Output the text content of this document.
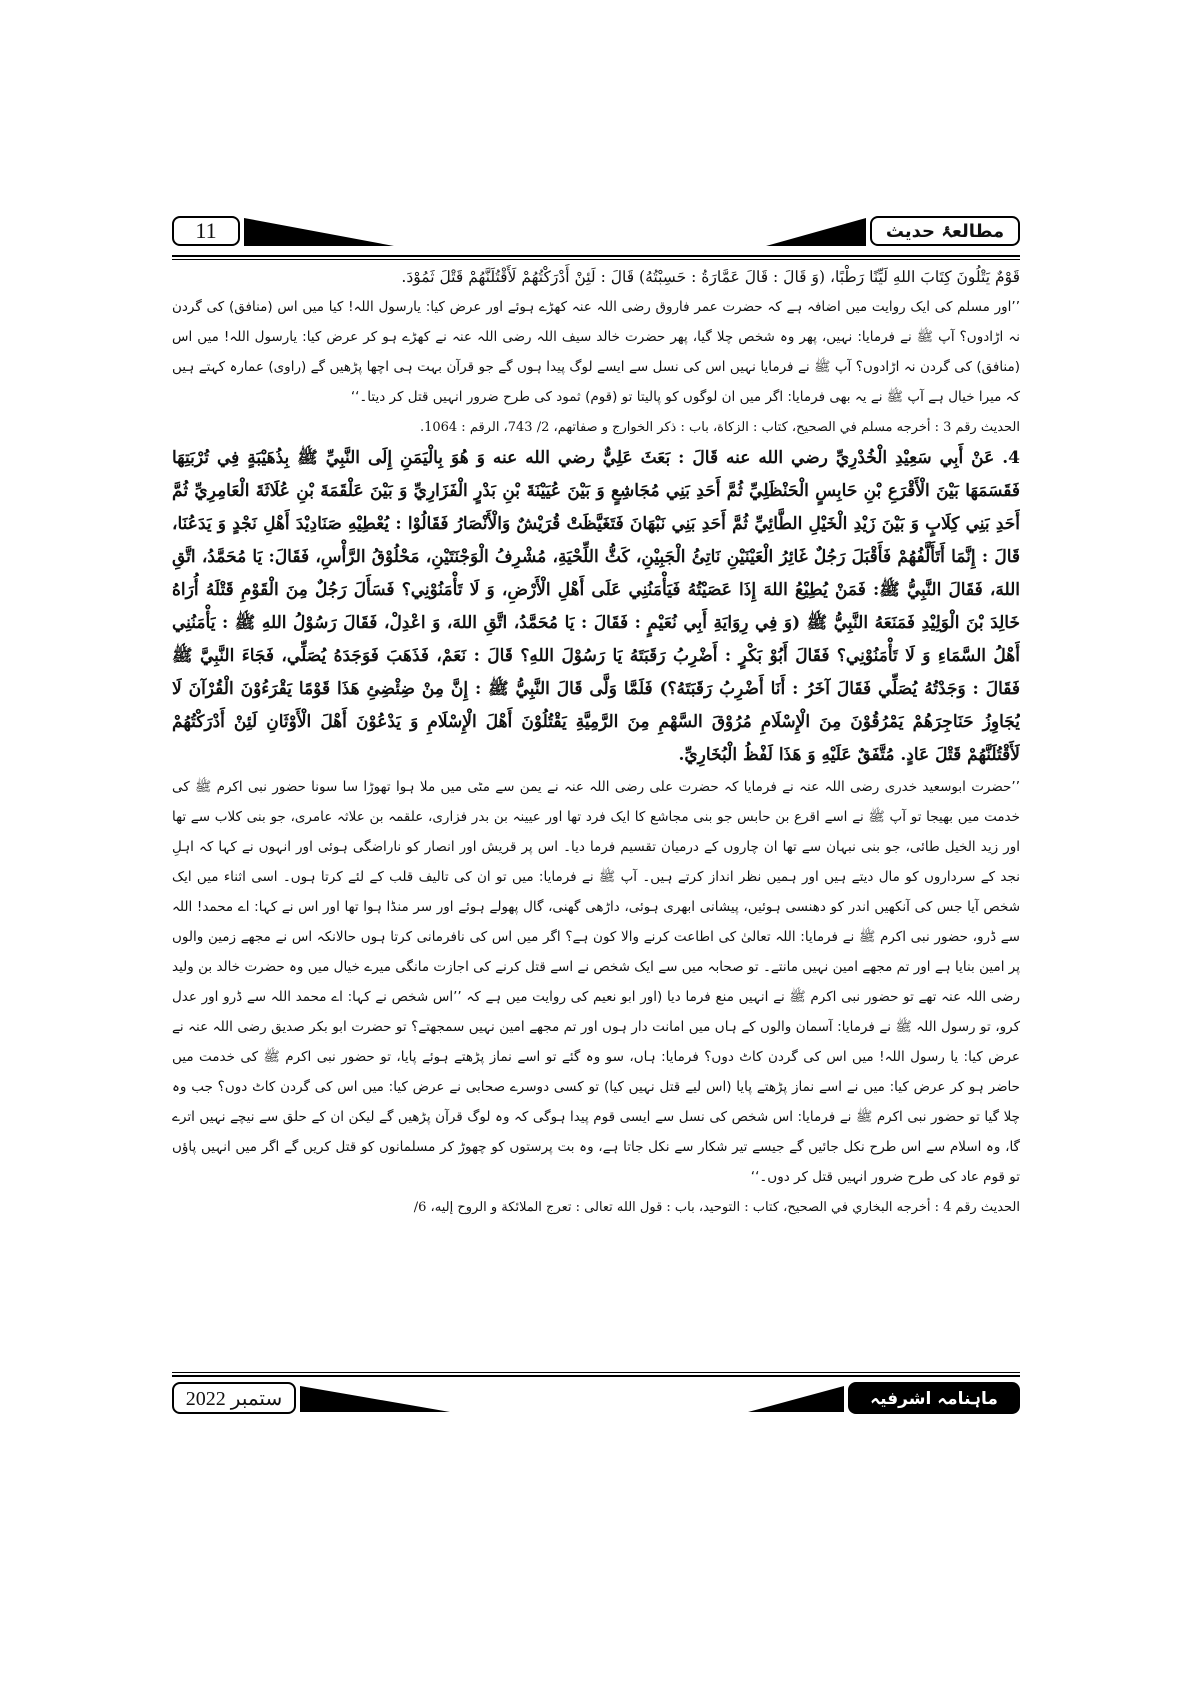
11	مطالعۂ حدیث

قَوْمٌ يَتْلُونَ كِتَابَ اللهِ لَيِّنًا رَطْبًا، (وَ قَالَ : قَالَ عَمَّارَةُ : حَسِبْتُهُ) قَالَ : لَئِنْ أَدْرَكْتُهُمْ لَأَقْتُلَنَّهُمْ قَتْلَ ثَمُوْدَ.

’’اور مسلم کی ایک روایت میں اضافہ ہے کہ حضرت عمر فاروق رضی اللہ عنہ کھڑے ہوئے اور عرض کیا: یارسول اللہ! کیا میں اس (منافق) کی گردن نہ اڑادوں؟ آپ ﷺ نے فرمایا: نہیں، پھر وہ شخص چلا گیا، پھر حضرت خالد سیف اللہ رضی اللہ عنہ نے کھڑے ہو کر عرض کیا: یارسول اللہ! میں اس (منافق) کی گردن نہ اڑادوں؟ آپ ﷺ نے فرمایا نہیں اس کی نسل سے ایسے لوگ پیدا ہوں گے جو قرآن بہت ہی اچھا پڑھیں گے (راوی) عمارہ کہتے ہیں کہ میرا خیال ہے آپ ﷺ نے یہ بھی فرمایا: اگر میں ان لوگوں کو پالیتا تو (قوم) ثمود کی طرح ضرور انہیں قتل کر دیتا۔‘‘

الحديث رقم 3 : أخرجه مسلم في الصحيح، كتاب : الزكاة، باب : ذكر الخوارج و صفاتهم، 2/ 743، الرقم : 1064.

4. عَنْ أَبِي سَعِيْدِ الْخُدْرِيِّ رضي الله عنه قَالَ : بَعَثَ عَلِيٌّ رضي الله عنه وَ هُوَ بِالْيَمَنِ إِلَى النَّبِيِّ ﷺ بِذُهَيْبَةٍ فِي تُرْبَتِهَا فَقَسَمَهَا بَيْنَ الْأَقْرَعِ بْنِ حَابِسٍ الْحَنْظَلِيِّ ثُمَّ أَحَدِ بَنِي مُجَاشِعٍ وَ بَيْنَ عُيَيْنَةَ بْنِ بَدْرٍ الْفَزَارِيِّ وَ بَيْنَ عَلْقَمَةَ بْنِ عُلَاثَةَ الْعَامِرِيِّ ثُمَّ أَحَدِ بَنِي كِلَابٍ وَ بَيْنَ زَيْدِ الْخَيْلِ الطَّائِيِّ ثُمَّ أَحَدِ بَنِي نَبْهَانَ فَتَغَيَّظَتْ قُرَيْشٌ وَالْأَنْصَارُ فَقَالُوْا : يُعْطِيْهِ صَنَادِيْدَ أَهْلِ نَجْدٍ وَ يَدَعُنَا، قَالَ : إِنَّمَا أَتَأَلَّفُهُمْ فَأَقْبَلَ رَجُلٌ غَائِرُ الْعَيْنَيْنِ نَاتِئُ الْجَبِيْنِ، كَثُّ اللِّحْيَةِ، مُشْرِفُ الْوَجْنَتَيْنِ، مَحْلُوْقُ الرَّأْسِ، فَقَالَ: يَا مُحَمَّدُ، اتَّقِ اللهَ، فَقَالَ النَّبِيُّ ﷺ: فَمَنْ يُطِيْعُ اللهَ إِذَا عَصَيْتُهُ فَيَأْمَنُنِي عَلَى أَهْلِ الْأَرْضِ، وَ لَا تَأْمَنُوْنِي؟ فَسَأَلَ رَجُلٌ مِنَ الْقَوْمِ قَتْلَهُ أُرَاهُ خَالِدَ بْنَ الْوَلِيْدِ فَمَنَعَهُ النَّبِيُّ ﷺ (وَ فِي رِوَايَةِ أَبِي نُعَيْمٍ : فَقَالَ : يَا مُحَمَّدُ، اتَّقِ اللهَ، وَ اعْدِلْ، فَقَالَ رَسُوْلُ اللهِ ﷺ : يَأْمَنُنِي أَهْلُ السَّمَاءِ وَ لَا تَأْمَنُوْنِي؟ فَقَالَ أَبُوْ بَكْرٍ : أَضْرِبُ رَقَبَتَهُ يَا رَسُوْلَ اللهِ؟ قَالَ : نَعَمْ، فَذَهَبَ فَوَجَدَهُ يُصَلِّي، فَجَاءَ النَّبِيَّ ﷺ فَقَالَ : وَجَدْتُهُ يُصَلِّي فَقَالَ آخَرُ : أَنَا أَضْرِبُ رَقَبَتَهُ؟) فَلَمَّا وَلَّى قَالَ النَّبِيُّ ﷺ : إِنَّ مِنْ ضِئْضِئِ هَذَا قَوْمًا يَقْرَءُوْنَ الْقُرْآنَ لَا يُجَاوِزُ حَنَاجِرَهُمْ يَمْرُقُوْنَ مِنَ الْإِسْلَامِ مُرُوْقَ السَّهْمِ مِنَ الرَّمِيَّةِ يَقْتُلُوْنَ أَهْلَ الْإِسْلَامِ وَ يَدْعُوْنَ أَهْلَ الْأَوْثَانِ لَئِنْ أَدْرَكْتُهُمْ لَأَقْتُلَنَّهُمْ قَتْلَ عَادٍ. مُتَّفَقٌ عَلَيْهِ وَ هَذَا لَفْظُ الْبُخَارِيِّ.

’’حضرت ابوسعید خدری رضی اللہ عنہ نے فرمایا کہ حضرت علی رضی اللہ عنہ نے یمن سے مٹی میں ملا ہوا تھوڑا سا سونا حضور نبی اکرم ﷺ کی خدمت میں بھیجا تو آپ ﷺ نے اسے اقرع بن حابس جو بنی مجاشع کا ایک فرد تھا اور عیینہ بن بدر فزاری، علقمہ بن علاثہ عامری، جو بنی کلاب سے تھا اور زید الخیل طائی، جو بنی نبہان سے تھا ان چاروں کے درمیان تقسیم فرما دیا۔ اس پر قریش اور انصار کو ناراضگی ہوئی اور انہوں نے کہا کہ اہلِ نجد کے سرداروں کو مال دیتے ہیں اور ہمیں نظر انداز کرتے ہیں۔ آپ ﷺ نے فرمایا: میں تو ان کی تالیف قلب کے لئے کرتا ہوں۔ اسی اثناء میں ایک شخص آیا جس کی آنکھیں اندر کو دھنسی ہوئیں، پیشانی ابھری ہوئی، داڑھی گھنی، گال پھولے ہوئے اور سر منڈا ہوا تھا اور اس نے کہا: اے محمد! اللہ سے ڈرو، حضور نبی اکرم ﷺ نے فرمایا: اللہ تعالیٰ کی اطاعت کرنے والا کون ہے؟ اگر میں اس کی نافرمانی کرتا ہوں حالانکہ اس نے مجھے زمین والوں پر امین بنایا ہے اور تم مجھے امین نہیں مانتے۔ تو صحابہ میں سے ایک شخص نے اسے قتل کرنے کی اجازت مانگی میرے خیال میں وہ حضرت خالد بن ولید رضی اللہ عنہ تھے تو حضور نبی اکرم ﷺ نے انہیں منع فرما دیا (اور ابو نعیم کی روایت میں ہے کہ ’’اس شخص نے کہا: اے محمد اللہ سے ڈرو اور عدل کرو، تو رسول اللہ ﷺ نے فرمایا: آسمان والوں کے ہاں میں امانت دار ہوں اور تم مجھے امین نہیں سمجھتے؟ تو حضرت ابو بکر صدیق رضی اللہ عنہ نے عرض کیا: یا رسول اللہ! میں اس کی گردن کاٹ دوں؟ فرمایا: ہاں، سو وہ گئے تو اسے نماز پڑھتے ہوئے پایا، تو حضور نبی اکرم ﷺ کی خدمت میں حاضر ہو کر عرض کیا: میں نے اسے نماز پڑھتے پایا (اس لیے قتل نہیں کیا) تو کسی دوسرے صحابی نے عرض کیا: میں اس کی گردن کاٹ دوں؟ جب وہ چلا گیا تو حضور نبی اکرم ﷺ نے فرمایا: اس شخص کی نسل سے ایسی قوم پیدا ہوگی کہ وہ لوگ قرآن پڑھیں گے لیکن ان کے حلق سے نیچے نہیں اترے گا، وہ اسلام سے اس طرح نکل جائیں گے جیسے تیر شکار سے نکل جاتا ہے، وہ بت پرستوں کو چھوڑ کر مسلمانوں کو قتل کریں گے اگر میں انہیں پاؤں تو قوم عاد کی طرح ضرور انہیں قتل کر دوں۔‘‘

الحديث رقم 4 : أخرجه البخاري في الصحيح، كتاب : التوحيد، باب : قول الله تعالى : تعرج الملائكة و الروح إليه، 6/

ستمبر 2022	ماہنامہ اشرفیہ
